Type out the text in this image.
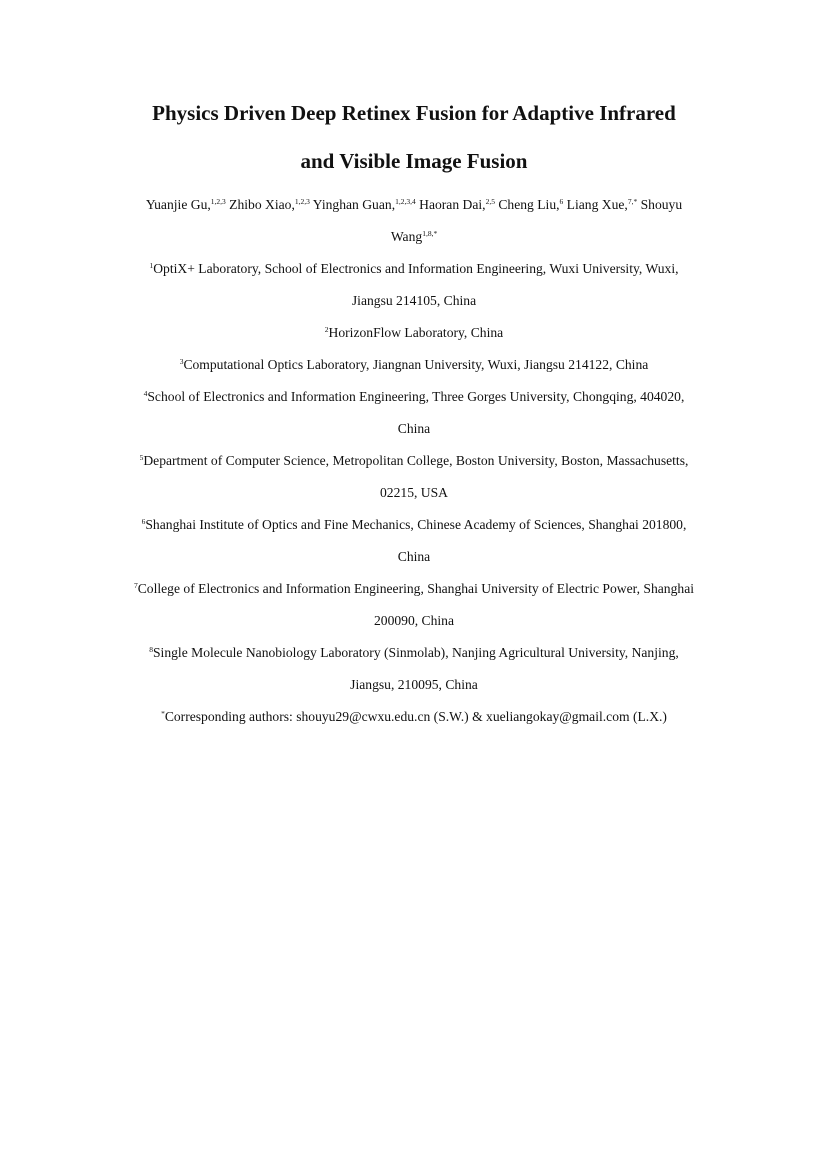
Physics Driven Deep Retinex Fusion for Adaptive Infrared
and Visible Image Fusion
Yuanjie Gu,$^{1,2,3}$ Zhibo Xiao,$^{1,2,3}$ Yinghan Guan,$^{1,2,3,4}$ Haoran Dai,$^{2,5}$ Cheng Liu,$^6$ Liang Xue,$^{7,*}$ Shouyu
Wang$^{1,8,*}$
$^1$OptiX+ Laboratory, School of Electronics and Information Engineering, Wuxi University, Wuxi,
Jiangsu 214105, China
$^2$HorizonFlow Laboratory, China
$^3$Computational Optics Laboratory, Jiangnan University, Wuxi, Jiangsu 214122, China
$^4$School of Electronics and Information Engineering, Three Gorges University, Chongqing, 404020,
China
$^5$Department of Computer Science, Metropolitan College, Boston University, Boston, Massachusetts,
02215, USA
$^6$Shanghai Institute of Optics and Fine Mechanics, Chinese Academy of Sciences, Shanghai 201800,
China
$^7$College of Electronics and Information Engineering, Shanghai University of Electric Power, Shanghai
200090, China
$^8$Single Molecule Nanobiology Laboratory (Sinmolab), Nanjing Agricultural University, Nanjing,
Jiangsu, 210095, China
*Corresponding authors: shouyu29@cwxu.edu.cn (S.W.) & xueliangokay@gmail.com (L.X.)
